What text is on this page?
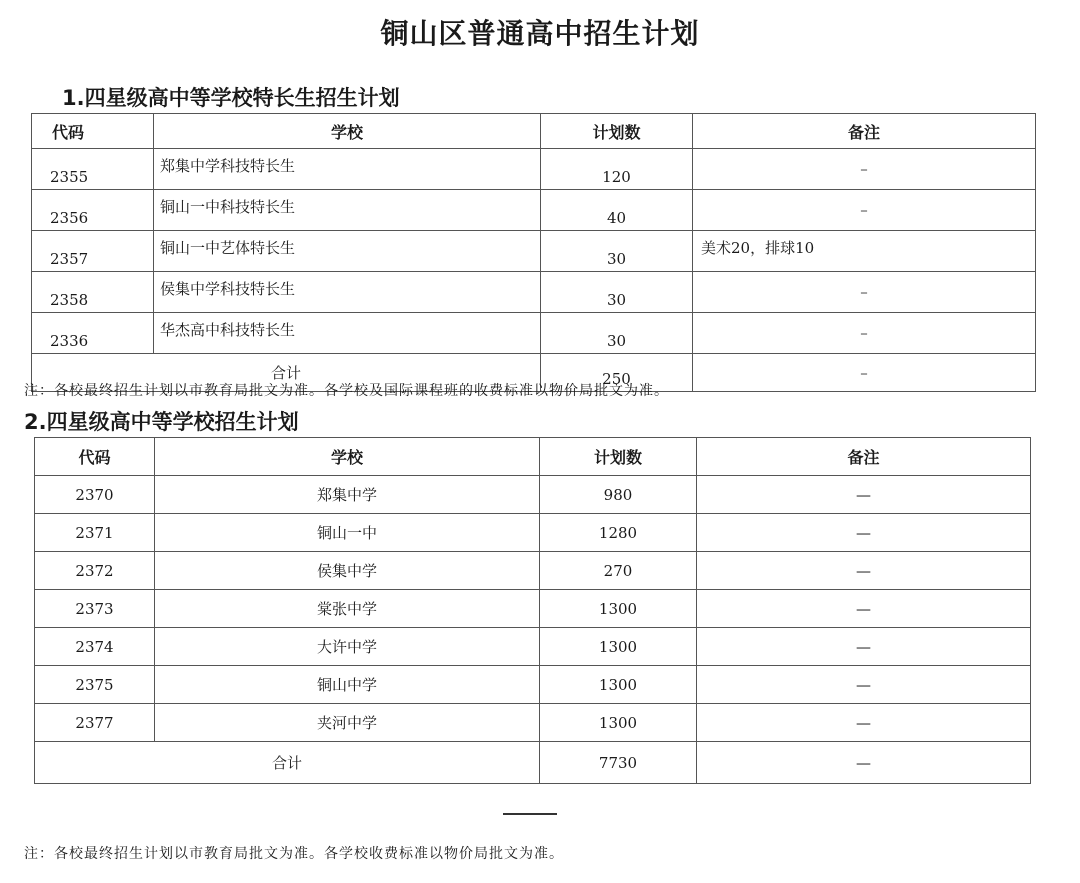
铜山区普通高中招生计划
1.四星级高中等学校特长生招生计划
代码	学校	计划数	备注
2355	郑集中学科技特长生	120	–
2356	铜山一中科技特长生	40	–
2357	铜山一中艺体特长生	30	美术20，排球10
2358	侯集中学科技特长生	30	–
2336	华杰高中科技特长生	30	–
合计		250	–
注：各校最终招生计划以市教育局批文为准。各学校及国际课程班的收费标准以物价局批文为准。
2.四星级高中等学校招生计划
代码	学校	计划数	备注
2370	郑集中学	980	—
2371	铜山一中	1280	—
2372	侯集中学	270	—
2373	棠张中学	1300	—
2374	大许中学	1300	—
2375	铜山中学	1300	—
2377	夹河中学	1300	—
合计		7730	—
注：各校最终招生计划以市教育局批文为准。各学校收费标准以物价局批文为准。
